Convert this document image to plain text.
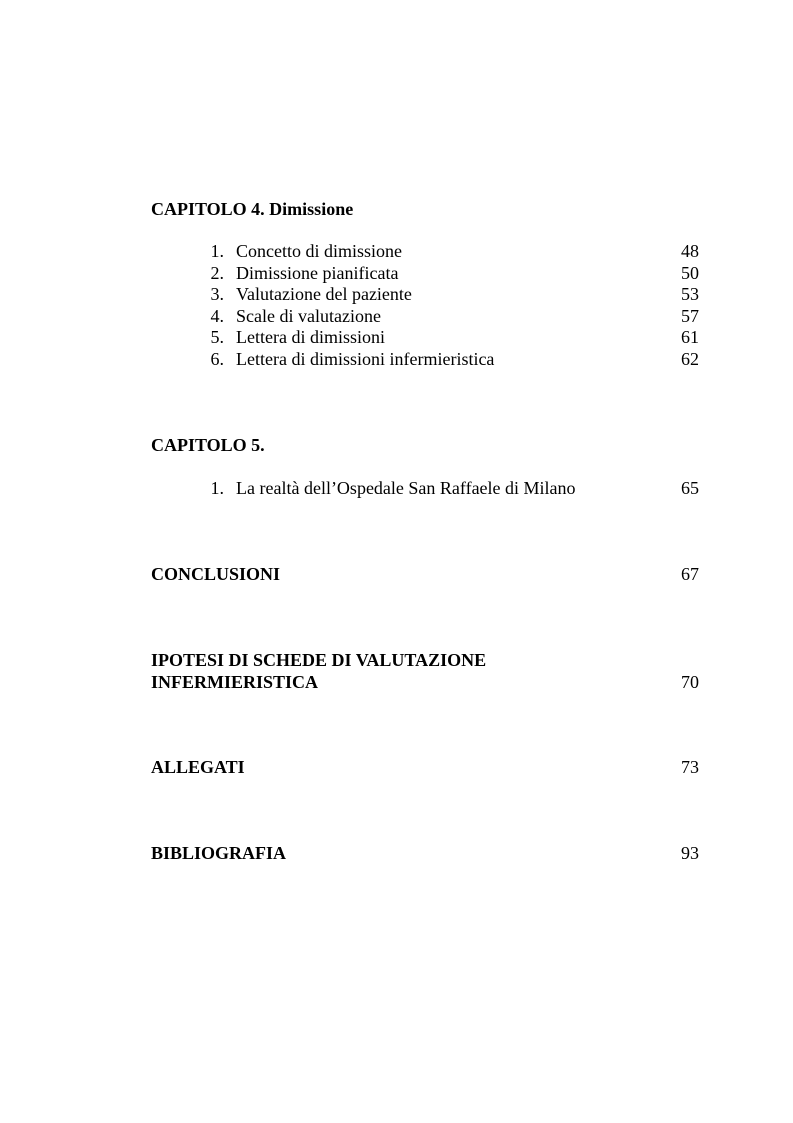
CAPITOLO 4. Dimissione
1. Concetto di dimissione	48
2. Dimissione pianificata	50
3. Valutazione del paziente	53
4. Scale di valutazione	57
5. Lettera di dimissioni	61
6. Lettera di dimissioni infermieristica	62
CAPITOLO 5.
1. La realtà dell’Ospedale San Raffaele di Milano	65
CONCLUSIONI	67
IPOTESI DI SCHEDE DI VALUTAZIONE
INFERMIERISTICA	70
ALLEGATI	73
BIBLIOGRAFIA	93
